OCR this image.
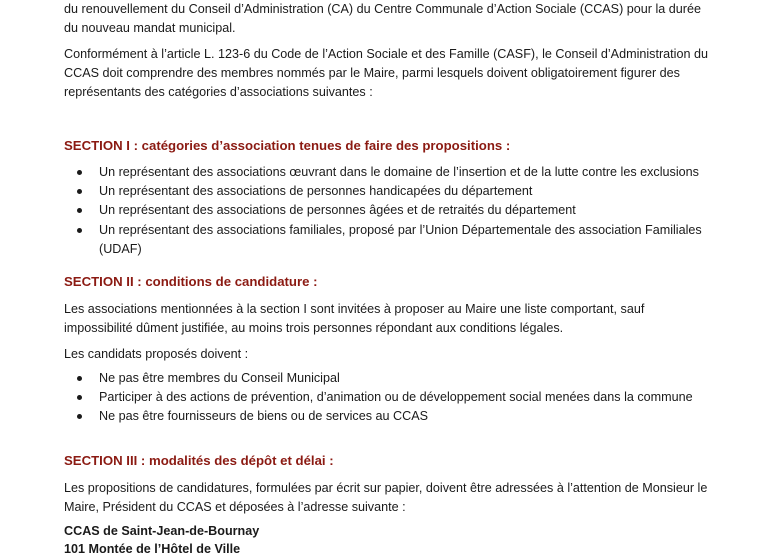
du renouvellement du Conseil d’Administration (CA) du Centre Communale d’Action Sociale (CCAS) pour la durée du nouveau mandat municipal.

Conformément à l’article L. 123-6 du Code de l’Action Sociale et des Famille (CASF), le Conseil d’Administration du CCAS doit comprendre des membres nommés par le Maire, parmi lesquels doivent obligatoirement figurer des représentants des catégories d’associations suivantes :

SECTION I : catégories d’association tenues de faire des propositions :
Un représentant des associations œuvrant dans le domaine de l’insertion et de la lutte contre les exclusions
Un représentant des associations de personnes handicapées du département
Un représentant des associations de personnes âgées et de retraités du département
Un représentant des associations familiales, proposé par l’Union Départementale des association Familiales (UDAF)
SECTION II : conditions de candidature :

Les associations mentionnées à la section I sont invitées à proposer au Maire une liste comportant, sauf impossibilité dûment justifiée, au moins trois personnes répondant aux conditions légales.

Les candidats proposés doivent :

Ne pas être membres du Conseil Municipal
Participer à des actions de prévention, d’animation ou de développement social menées dans la commune
Ne pas être fournisseurs de biens ou de services au CCAS
SECTION III : modalités des dépôt et délai :

Les propositions de candidatures, formulées par écrit sur papier, doivent être adressées à l’attention de Monsieur le Maire, Président du CCAS et déposées à l’adresse suivante :

CCAS de Saint-Jean-de-Bournay

101 Montée de l’Hôtel de Ville
